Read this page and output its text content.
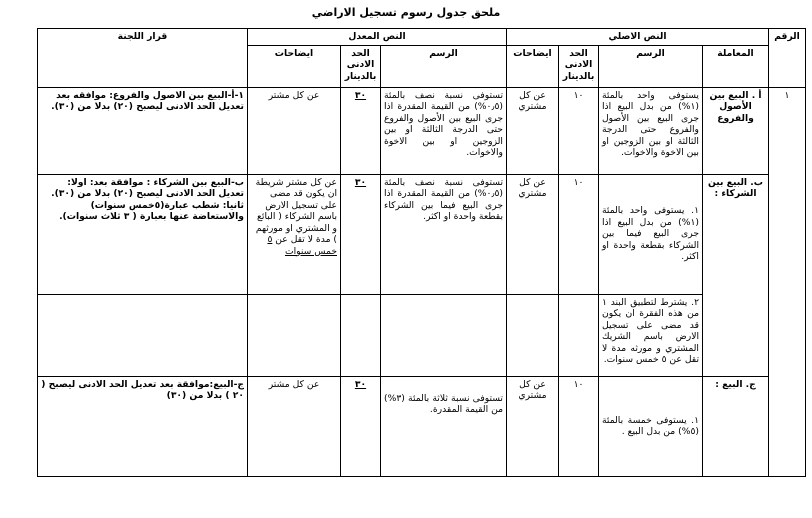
ملحق جدول رسوم تسجيل الاراضي
الرقم	النص الاصلي				النص المعدل			قرار اللجنة
	المعاملة	الرسم	الحد الادنى بالدينار	ايضاحات	الرسم	الحد الادنى بالدينار	ايضاحات	
١	أ . البيع بين الأصول والفروع	يستوفى واحد بالمئة (١%) من بدل البيع اذا جرى البيع بين الأصول والفروع حتى الدرجة الثالثة او بين الزوجين او بين الاخوة والاخوات.	١٠	عن كل مشتري	تستوفى نسبة نصف بالمئة (٠٫٥%) من القيمة المقدرة اذا جرى البيع بين الأصول والفروع حتى الدرجة الثالثة او بين الزوجين او بين الاخوة والاخوات.	٣٠	عن كل مشتر	١-أ-البيع بين الاصول والفروع: موافقه بعد تعديل الحد الادنى ليصبح (٢٠) بدلا من (٣٠).
	ب. البيع بين الشركاء :	١. يستوفى واحد بالمئة (١%) من بدل البيع اذا جرى البيع فيما بين الشركاء بقطعة واحدة او اكثر.	١٠	عن كل مشتري	تستوفى نسبة نصف بالمئة (٠٫٥%) من القيمة المقدرة اذا جرى البيع فيما بين الشركاء بقطعة واحدة او اكثر.	٣٠	عن كل مشتر شريطة ان يكون قد مضى على تسجيل الارض باسم الشركاء ( البائع و المشتري او مورثهم ) مدة لا تقل عن ٥ خمس سنوات	ب-البيع بين الشركاء : موافقة بعد: اولا: تعديل الحد الادنى ليصبح (٢٠) بدلا من (٣٠). ثانيا: شطب عبارة(٥خمس سنوات) والاستعاضة عنها بعبارة ( ٣ ثلاث سنوات).
		٢. يشترط لتطبيق البند ١ من هذه الفقرة ان يكون قد مضى على تسجيل الارض باسم الشريك المشتري و مورثه مدة لا تقل عن ٥ خمس سنوات.						
	ج. البيع :	١. يستوفى خمسة بالمئة (٥%) من بدل البيع .	١٠	عن كل مشتري	تستوفى نسبة ثلاثة بالمئة (٣%) من القيمة المقدرة.	٣٠	عن كل مشتر	ج-البيع:موافقة بعد تعديل الحد الادنى ليصبح ( ٢٠ ) بدلا من (٣٠)
